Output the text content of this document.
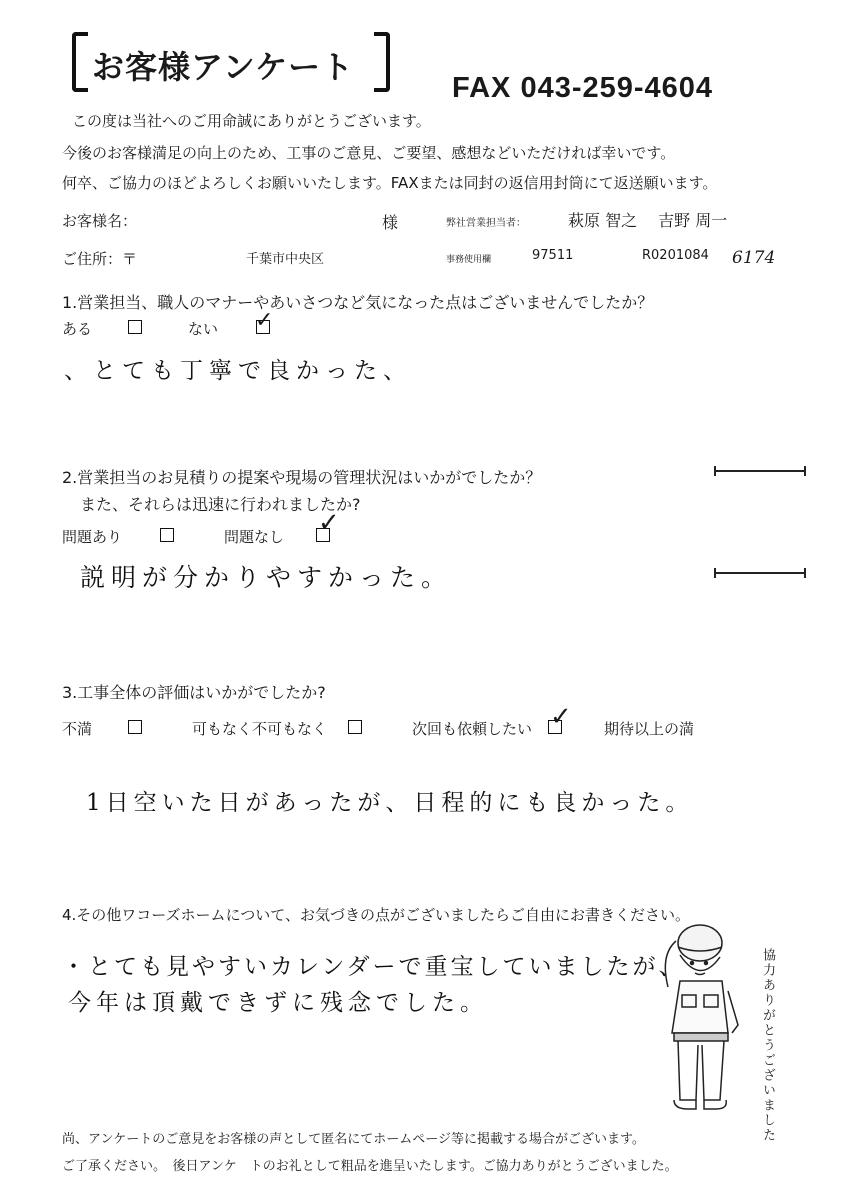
お客様アンケート
FAX 043-259-4604
この度は当社へのご用命誠にありがとうございます。
今後のお客様満足の向上のため、工事のご意見、ご要望、感想などいただければ幸いです。
何卒、ご協力のほどよろしくお願いいたします。FAXまたは同封の返信用封筒にて返送願います。
お客様名：	様	弊社営業担当者：	萩原 智之　 吉野 周一
ご住所：〒	千葉市中央区	事務使用欄	97511	R0201084 6174
1.営業担当、職人のマナーやあいさつなど気になった点はございませんでしたか？
ある	ない ✓
、とても丁寧で良かった、
2.営業担当のお見積りの提案や現場の管理状況はいかがでしたか？
また、それらは迅速に行われましたか?
問題あり	問題なし ✓
説明が分かりやすかった。
3.工事全体の評価はいかがでしたか?
不満	可もなく不可もなく	次回も依頼したい ✓ 期待以上の満
1日空いた日があったが、日程的にも良かった。
4.その他ワコーズホームについて、お気づきの点がございましたらご自由にお書きください。
・とても見やすいカレンダーで重宝していましたが、
今年は頂戴できずに残念でした。	協力ありがとうございました
尚、アンケートのご意見をお客様の声として匿名にてホームページ等に掲載する場合がございます。
ご了承ください。　後日アンケ　トのお礼として粗品を進呈いたします。ご協力ありがとうございました。
